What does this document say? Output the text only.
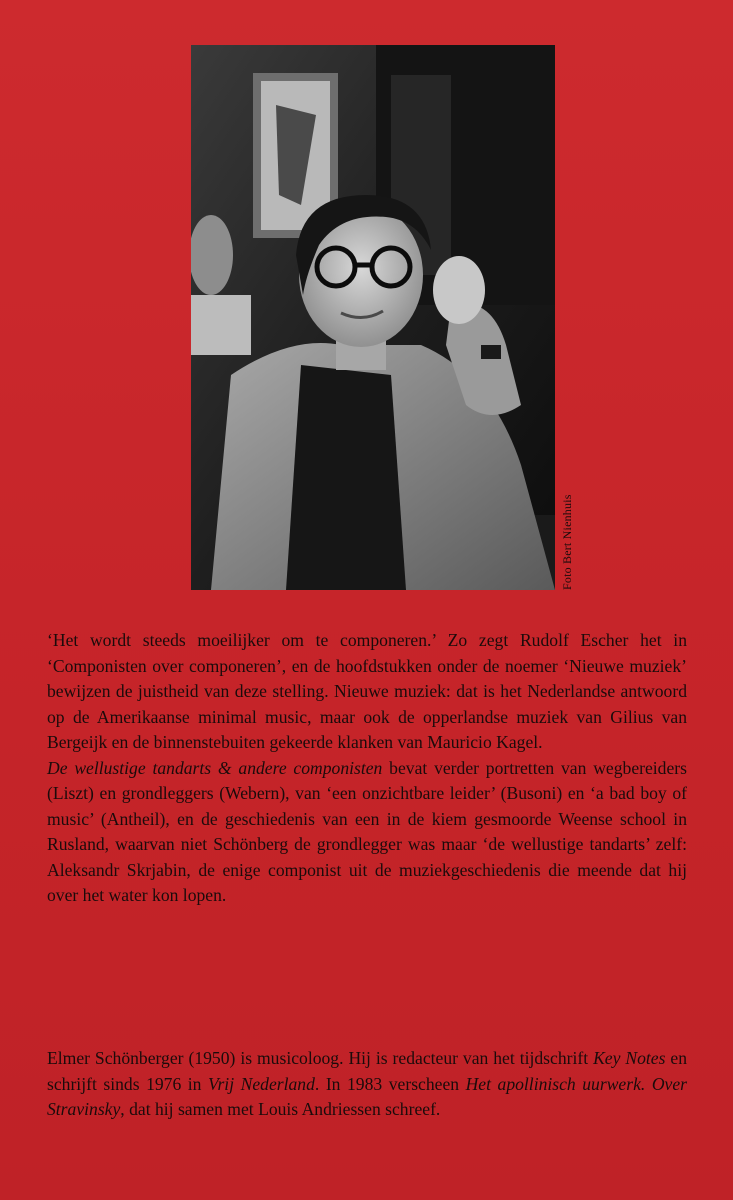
Foto Bert Nienhuis

‘Het wordt steeds moeilijker om te componeren.’ Zo zegt Rudolf Escher het in ‘Componisten over componeren’, en de hoofdstukken onder de noemer ‘Nieuwe muziek’ bewijzen de juistheid van deze stelling. Nieuwe muziek: dat is het Nederlandse antwoord op de Amerikaanse minimal music, maar ook de opperlandse muziek van Gilius van Bergeijk en de binnenstebuiten gekeerde klanken van Mauricio Kagel.

De wellustige tandarts & andere componisten bevat verder portretten van wegbereiders (Liszt) en grondleggers (Webern), van ‘een onzichtbare leider’ (Busoni) en ‘a bad boy of music’ (Antheil), en de geschiedenis van een in de kiem gesmoorde Weense school in Rusland, waarvan niet Schönberg de grondlegger was maar ‘de wellustige tandarts’ zelf: Aleksandr Skrjabin, de enige componist uit de muziekgeschiedenis die meende dat hij over het water kon lopen.

Elmer Schönberger (1950) is musicoloog. Hij is redacteur van het tijdschrift Key Notes en schrijft sinds 1976 in Vrij Nederland. In 1983 verscheen Het apollinisch uurwerk. Over Stravinsky, dat hij samen met Louis Andriessen schreef.
